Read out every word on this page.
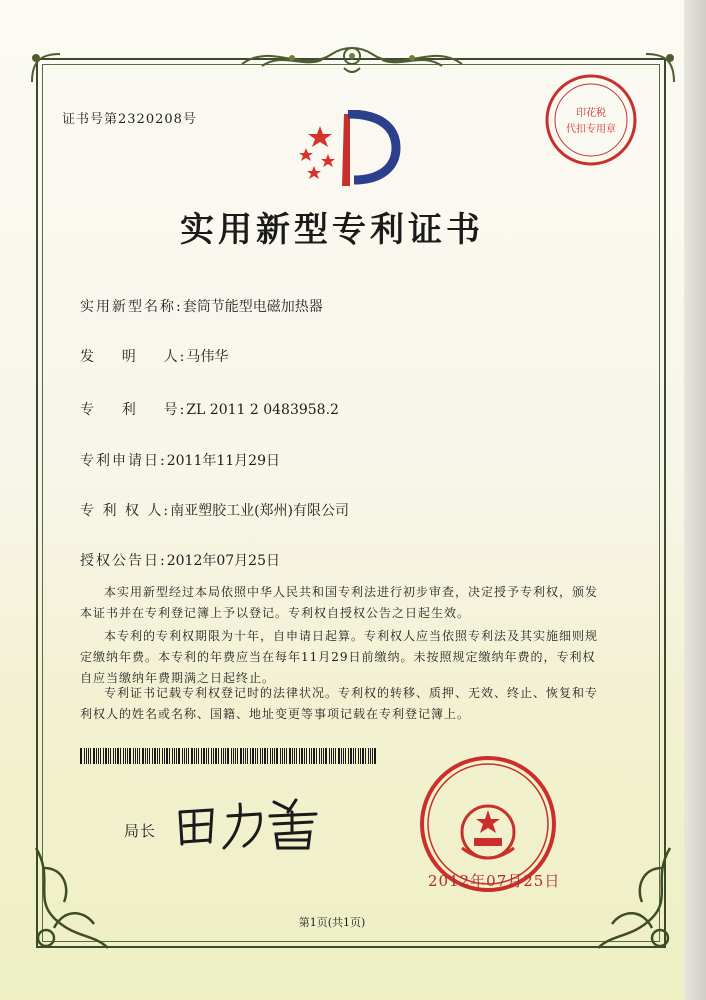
证书号第2320208号	印花税
代扣专用章
实用新型专利证书
实用新型名称:套筒节能型电磁加热器
发    明    人:马伟华
专    利    号:ZL 2011 2 0483958.2
专利申请日:2011年11月29日
专 利 权 人:南亚塑胶工业(郑州)有限公司
授权公告日:2012年07月25日

本实用新型经过本局依照中华人民共和国专利法进行初步审查，决定授予专利权，颁发本证书并在专利登记簿上予以登记。专利权自授权公告之日起生效。

本专利的专利权期限为十年，自申请日起算。专利权人应当依照专利法及其实施细则规定缴纳年费。本专利的年费应当在每年11月29日前缴纳。未按照规定缴纳年费的，专利权自应当缴纳年费期满之日起终止。

专利证书记载专利权登记时的法律状况。专利权的转移、质押、无效、终止、恢复和专利权人的姓名或名称、国籍、地址变更等事项记载在专利登记簿上。

局长
2012年07月25日
第1页(共1页)
